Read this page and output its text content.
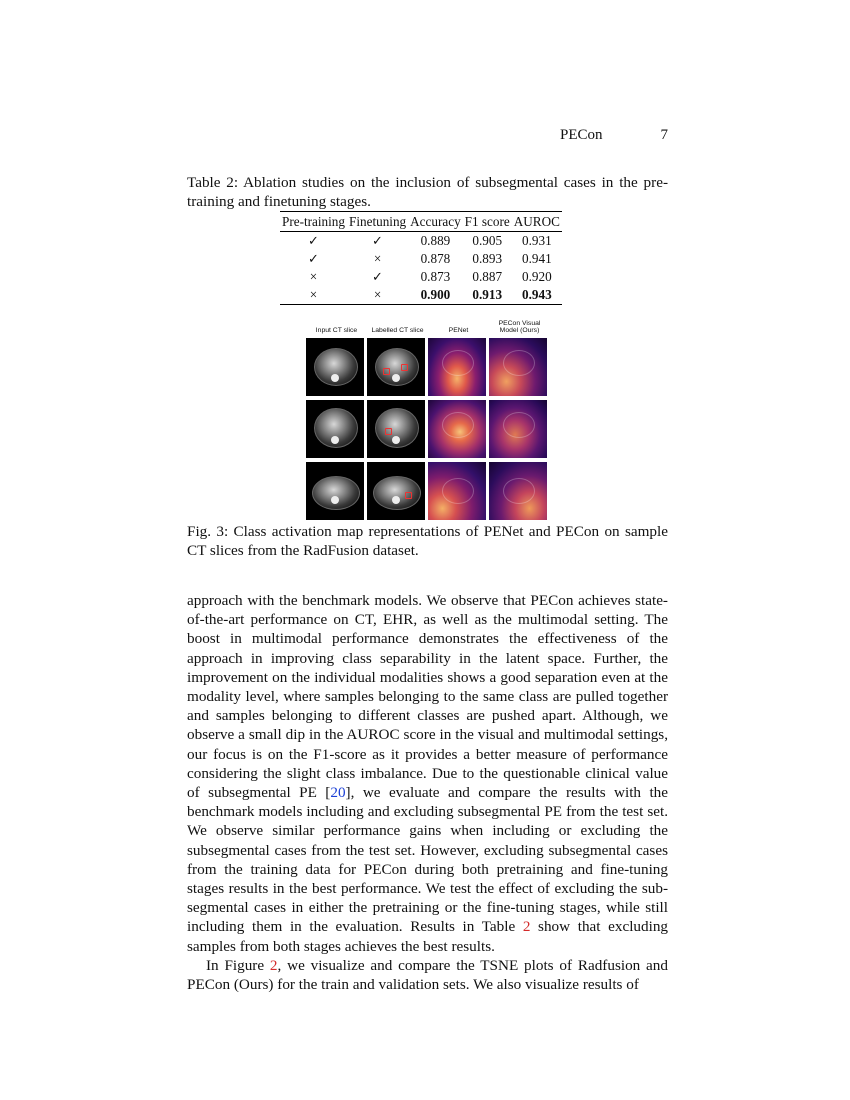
PECon	7
Table 2: Ablation studies on the inclusion of subsegmental cases in the pre-training and finetuning stages.
Pre-training	Finetuning	Accuracy	F1 score	AUROC
✓	✓	0.889	0.905	0.931
✓	×	0.878	0.893	0.941
×	✓	0.873	0.887	0.920
×	×	0.900	0.913	0.943
Input CT slice	Labelled CT slice	PENet
PECon Visual Model (Ours)
Fig. 3: Class activation map representations of PENet and PECon on sample CT slices from the RadFusion dataset.

approach with the benchmark models. We observe that PECon achieves state-of-the-art performance on CT, EHR, as well as the multimodal setting. The boost in multimodal performance demonstrates the effectiveness of the approach in improving class separability in the latent space. Further, the improvement on the individual modalities shows a good separation even at the modality level, where samples belonging to the same class are pulled together and samples belonging to different classes are pushed apart. Although, we observe a small dip in the AUROC score in the visual and multimodal settings, our focus is on the F1-score as it provides a better measure of performance considering the slight class imbalance. Due to the questionable clinical value of subsegmental PE [20], we evaluate and compare the results with the benchmark models including and excluding subsegmental PE from the test set. We observe similar performance gains when including or excluding the subsegmental cases from the test set. However, excluding subsegmental cases from the training data for PECon during both pretraining and fine-tuning stages results in the best performance. We test the effect of excluding the sub-segmental cases in either the pretraining or the fine-tuning stages, while still including them in the evaluation. Results in Table 2 show that excluding samples from both stages achieves the best results.

In Figure 2, we visualize and compare the TSNE plots of Radfusion and PECon (Ours) for the train and validation sets. We also visualize results of
